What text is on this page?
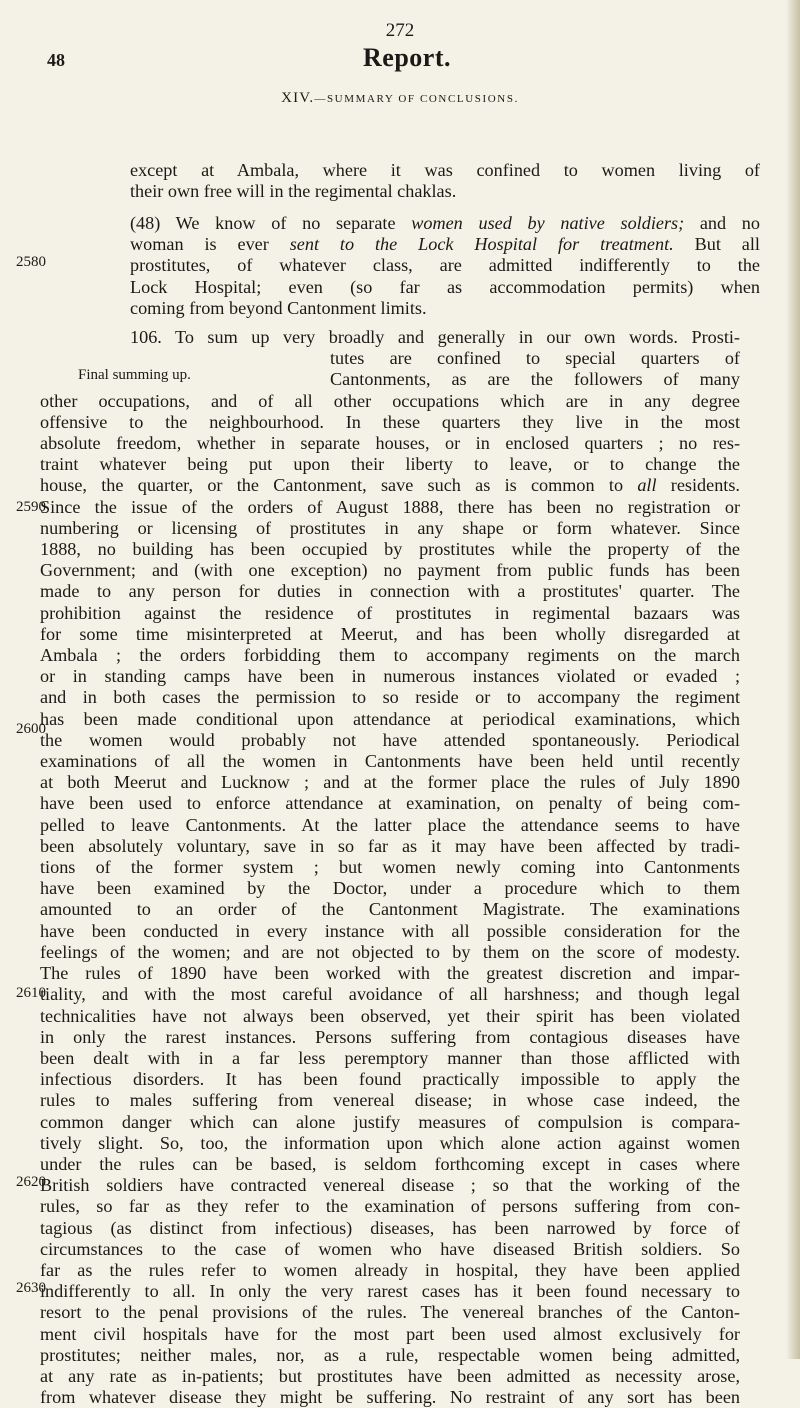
272
48	Report.
XIV.—SUMMARY OF CONCLUSIONS.
except at Ambala, where it was confined to women living of
their own free will in the regimental chaklas.
(48) We know of no separate women used by native soldiers; and no
woman is ever sent to the Lock Hospital for treatment. But all
prostitutes, of whatever class, are admitted indifferently to the
Lock Hospital; even (so far as accommodation permits) when
coming from beyond Cantonment limits.
Final summing up.
106. To sum up very broadly and generally in our own words. Prosti-
tutes are confined to special quarters of
Cantonments, as are the followers of many
other occupations, and of all other occupations which are in any degree
offensive to the neighbourhood. In these quarters they live in the most
absolute freedom, whether in separate houses, or in enclosed quarters ; no res-
traint whatever being put upon their liberty to leave, or to change the
house, the quarter, or the Cantonment, save such as is common to all residents.
Since the issue of the orders of August 1888, there has been no registration or
numbering or licensing of prostitutes in any shape or form whatever. Since
1888, no building has been occupied by prostitutes while the property of the
Government; and (with one exception) no payment from public funds has been
made to any person for duties in connection with a prostitutes' quarter. The
prohibition against the residence of prostitutes in regimental bazaars was
for some time misinterpreted at Meerut, and has been wholly disregarded at
Ambala ; the orders forbidding them to accompany regiments on the march
or in standing camps have been in numerous instances violated or evaded ;
and in both cases the permission to so reside or to accompany the regiment
has been made conditional upon attendance at periodical examinations, which
the women would probably not have attended spontaneously. Periodical
examinations of all the women in Cantonments have been held until recently
at both Meerut and Lucknow ; and at the former place the rules of July 1890
have been used to enforce attendance at examination, on penalty of being com-
pelled to leave Cantonments. At the latter place the attendance seems to have
been absolutely voluntary, save in so far as it may have been affected by tradi-
tions of the former system ; but women newly coming into Cantonments
have been examined by the Doctor, under a procedure which to them
amounted to an order of the Cantonment Magistrate. The examinations
have been conducted in every instance with all possible consideration for the
feelings of the women; and are not objected to by them on the score of modesty.
The rules of 1890 have been worked with the greatest discretion and impar-
tiality, and with the most careful avoidance of all harshness; and though legal
technicalities have not always been observed, yet their spirit has been violated
in only the rarest instances. Persons suffering from contagious diseases have
been dealt with in a far less peremptory manner than those afflicted with
infectious disorders. It has been found practically impossible to apply the
rules to males suffering from venereal disease; in whose case indeed, the
common danger which can alone justify measures of compulsion is compara-
tively slight. So, too, the information upon which alone action against women
under the rules can be based, is seldom forthcoming except in cases where
British soldiers have contracted venereal disease ; so that the working of the
rules, so far as they refer to the examination of persons suffering from con-
tagious (as distinct from infectious) diseases, has been narrowed by force of
circumstances to the case of women who have diseased British soldiers. So
far as the rules refer to women already in hospital, they have been applied
indifferently to all. In only the very rarest cases has it been found necessary to
resort to the penal provisions of the rules. The venereal branches of the Canton-
ment civil hospitals have for the most part been used almost exclusively for
prostitutes; neither males, nor, as a rule, respectable women being admitted,
at any rate as in-patients; but prostitutes have been admitted as necessity arose,
from whatever disease they might be suffering. No restraint of any sort has been
2580
2590
2600
2610
2620
2630
